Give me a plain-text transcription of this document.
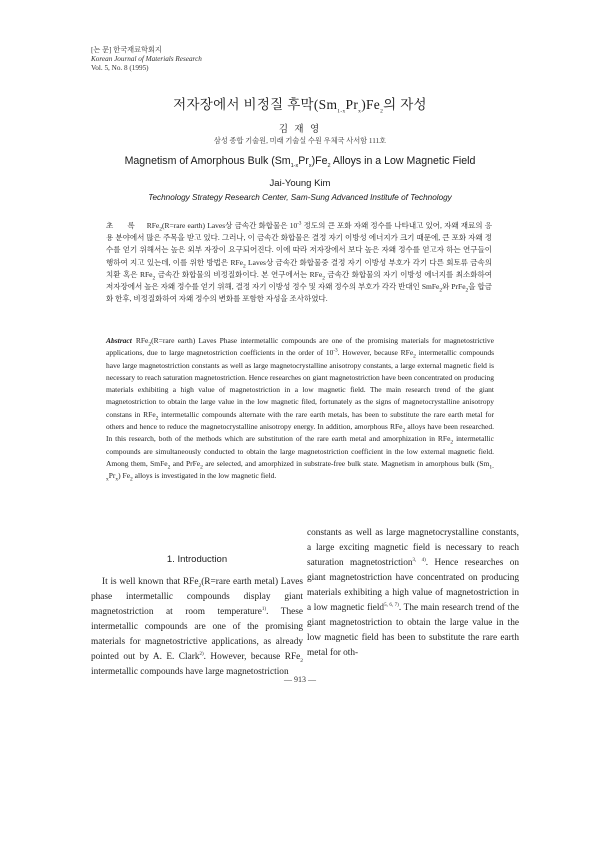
[논 문] 한국재료학회지
Korean Journal of Materials Research
Vol. 5, No. 8 (1995)
저자장에서 비정질 후막$(Sm_{1-x}Pr_x)Fe_2$의 자성
김 재 영
삼성 종합 기술원, 미래 기술실 수원 우체국 사서함 111호
Magnetism of Amorphous Bulk $(Sm_{1-x}Pr_x)Fe_2$ Alloys in a Low Magnetic Field
Jai-Young Kim
Technology Strategy Research Center, Sam-Sung Advanced Institufe of Technology
초 록 RFe$_2$(R=rare earth) Laves상 금속간 화합물은 $10^{-3}$ 정도의 큰 포화 자왜 정수를 나타내고 있어, 자왜 재료의 응용 분야에서 많은 주목을 받고 있다. 그러나, 이 금속간 화합물은 결정 자기 이방성 에너지가 크기 때문에, 큰 포화 자왜 정수를 얻기 위해서는 높은 외부 자장이 요구되어진다. 이에 따라 저자장에서 보다 높은 자왜 정수를 얻고자 하는 연구들이 행하여 지고 있는데, 이를 위한 방법은 RFe$_2$ Laves상 금속간 화합물중 결정 자기 이방성 부호가 각기 다른 회토류 금속의 치환 혹은 RFe$_2$ 금속간 화합물의 비정질화이다. 본 연구에서는 RFe$_2$ 금속간 화합물의 자기 이방성 에너지를 최소화하여 저자장에서 높은 자왜 정수를 얻기 위해, 결정 자기 이방성 정수 및 자왜 정수의 부호가 각각 반대인 SmFe$_2$와 PrFe$_2$을 합금화 한후, 비정질화하여 자왜 정수의 변화를 포함한 자성을 조사하였다.
Abstract RFe$_2$(R=rare earth) Laves Phase intermetallic compounds are one of the promising materials for magnetostrictive applications, due to large magnetostriction coefficients in the order of $10^{-3}$. However, because RFe$_2$ intermetallic compounds have large magnetostriction constants as well as large magnetocrystalline anisotropy constants, a large external magnetic field is necessary to reach saturation magnetostriction. Hence researches on giant magnetostriction have been concentrated on producing materials exhibiting a high value of magnetostriction in a low magnetic field. The main research trend of the giant magnetostriction to obtain the large value in the low magnetic filed, fortunately as the signs of magnetocrystalline anisotropy constans in RFe$_2$ intermetallic compounds alternate with the rare earth metals, has been to substitute the rare earth metal for others and hence to reduce the magnetocrystalline anisotropy energy. In addition, amorphous RFe$_2$ alloys have been researched. In this research, both of the methods which are substitution of the rare earth metal and amorphization in RFe$_2$ intermetallic compounds are simultaneously conducted to obtain the large magnetostriction coefficient in the low external magnetic field. Among them, SmFe$_2$ and PrFe$_2$ are selected, and amorphized in substrate-free bulk state. Magnetism in amorphous bulk $(Sm_{1-x}Pr_x)$ $Fe_2$ alloys is investigated in the low magnetic field.
1. Introduction
It is well known that RFe$_2$(R=rare earth metal) Laves phase intermetallic compounds display giant magnetostriction at room temperature$^{1)}$. These intermetallic compounds are one of the promising materials for magnetostrictive applications, as already pointed out by A. E. Clark$^{2)}$. However, because RFe$_2$ intermetallic compounds have large magnetostriction
constants as well as large magnetocrystalline constants, a large exciting magnetic field is necessary to reach saturation magnetostriction$^{3, 4)}$. Hence researches on giant magnetostriction have concentrated on producing materials exhibiting a high value of magnetostriction in a low magnetic field$^{5, 6, 7)}$. The main research trend of the giant magnetostriction to obtain the large value in the low magnetic field has been to substitute the rare earth metal for oth-
— 913 —
